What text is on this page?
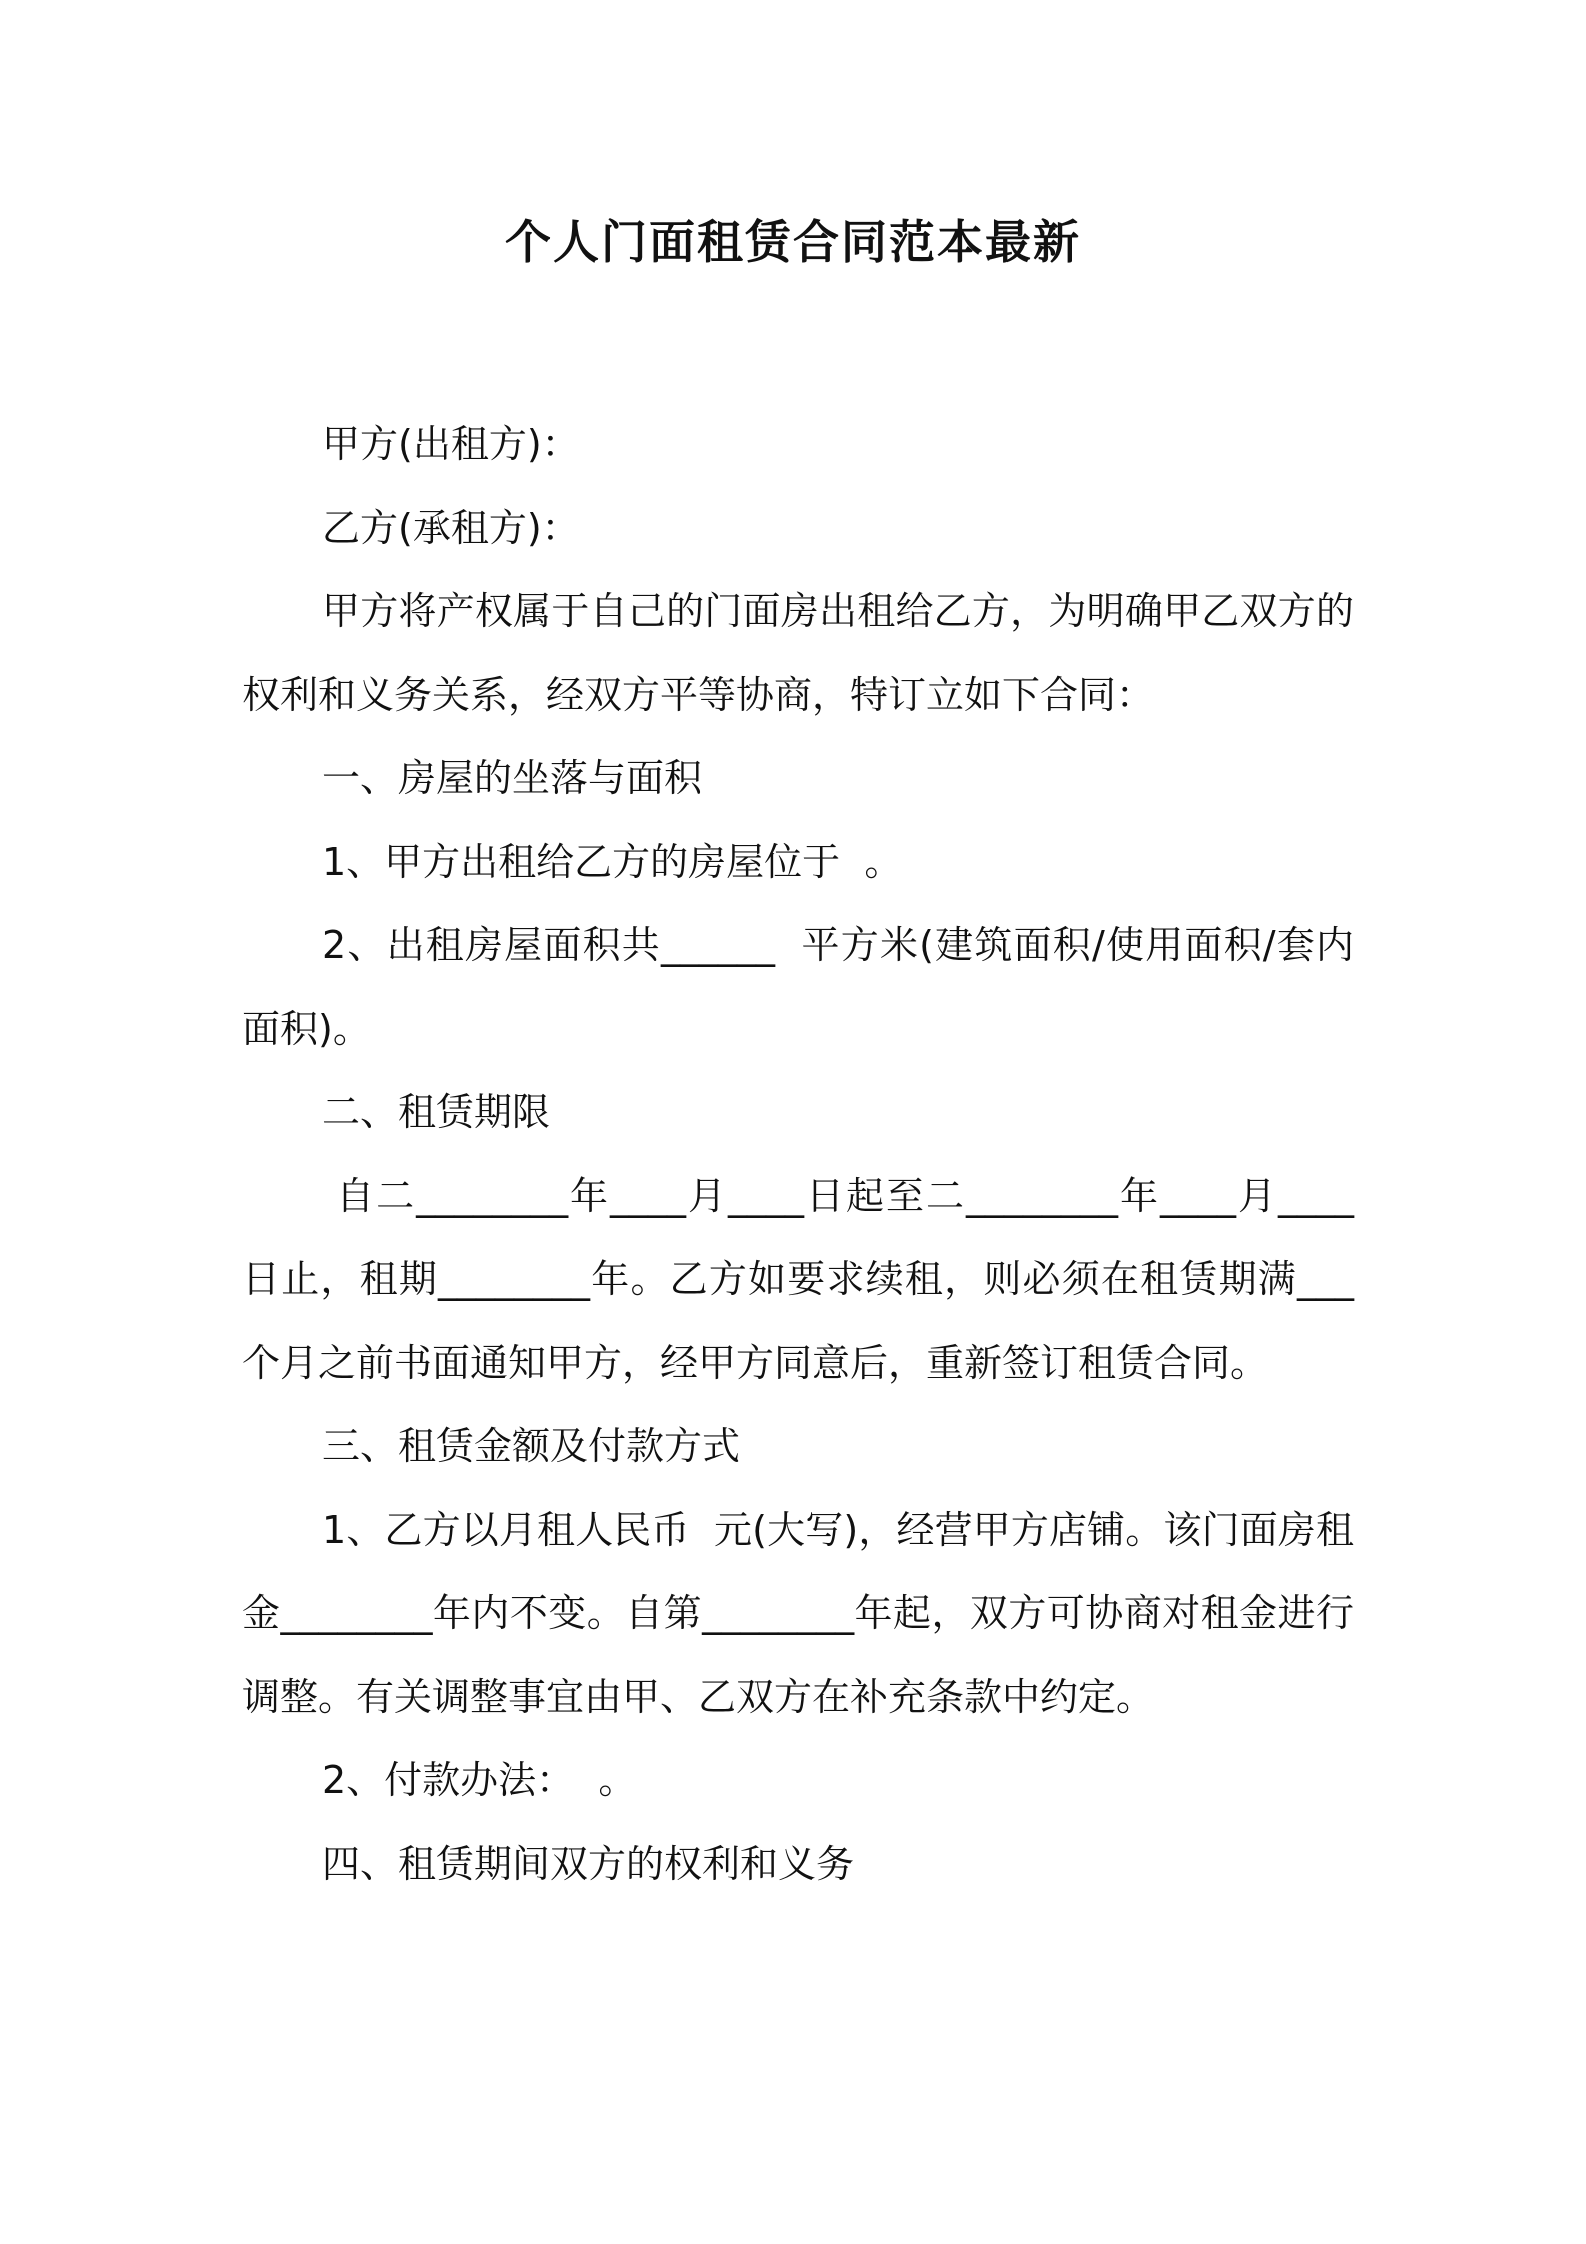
个人门面租赁合同范本最新

甲方(出租方)：

乙方(承租方)：

甲方将产权属于自己的门面房出租给乙方，为明确甲乙双方的权利和义务关系，经双方平等协商，特订立如下合同：

一、房屋的坐落与面积

1、甲方出租给乙方的房屋位于  。

2、出租房屋面积共______  平方米(建筑面积/使用面积/套内面积)。

二、租赁期限

自二________年____月____日起至二________年____月____日止，租期________年。乙方如要求续租，则必须在租赁期满___个月之前书面通知甲方，经甲方同意后，重新签订租赁合同。

三、租赁金额及付款方式

1、乙方以月租人民币  元(大写)，经营甲方店铺。该门面房租金________年内不变。自第________年起，双方可协商对租金进行调整。有关调整事宜由甲、乙双方在补充条款中约定。

2、付款办法：  。

四、租赁期间双方的权利和义务
